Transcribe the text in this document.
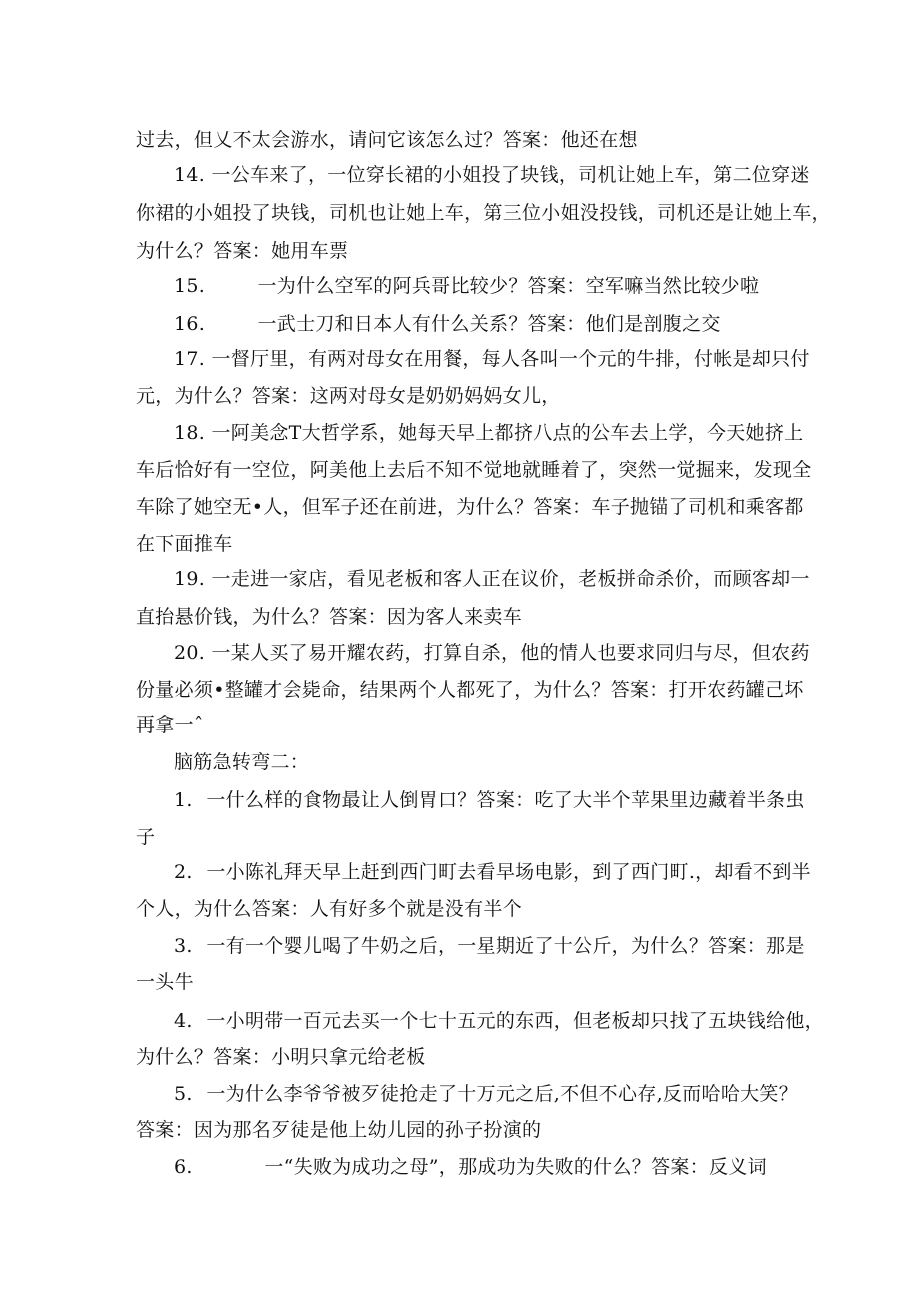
过去，但乂不太会游水，请问它该怎么过？答案：他还在想
14. 一公车来了，一位穿长裙的小姐投了块钱，司机让她上车，第二位穿迷
你裙的小姐投了块钱，司机也让她上车，第三位小姐没投钱，司机还是让她上车，
为什么？答案：她用车票
15.	一为什么空军的阿兵哥比较少？答案：空军嘛当然比较少啦
16.	一武士刀和日本人有什么关系？答案：他们是剖腹之交
17. 一督厅里，有两对母女在用餐，每人各叫一个元的牛排，付帐是却只付
元，为什么？答案：这两对母女是奶奶妈妈女儿，
18. 一阿美念T大哲学系，她每天早上都挤八点的公车去上学，今天她挤上
车后恰好有一空位，阿美他上去后不知不觉地就睡着了，突然一觉掘来，发现全
车除了她空无•人，但军子还在前进，为什么？答案：车子抛锚了司机和乘客都
在下面推车
19. 一走进一家店，看见老板和客人正在议价，老板拼命杀价，而顾客却一
直抬悬价钱，为什么？答案：因为客人来卖车
20. 一某人买了易开耀农药，打算自杀，他的情人也要求同归与尽，但农药
份量必须•整罐才会毙命，结果两个人都死了，为什么？答案：打开农药罐己坏
再拿一ˆ
脑筋急转弯二：
1. 一什么样的食物最让人倒胃口？答案：吃了大半个苹果里边藏着半条虫
子
2. 一小陈礼拜天早上赶到西门町去看早场电影，到了西门町.，却看不到半
个人，为什么答案：人有好多个就是没有半个
3. 一有一个婴儿喝了牛奶之后，一星期近了十公斤，为什么？答案：那是
一头牛
4. 一小明带一百元去买一个七十五元的东西，但老板却只找了五块钱给他，
为什么？答案：小明只拿元给老板
5. 一为什么李爷爷被歹徒抢走了十万元之后,不但不心存,反而哈哈大笑？
答案：因为那名歹徒是他上幼儿园的孙子扮演的
6.	一“失败为成功之母”，那成功为失败的什么？答案：反义词
